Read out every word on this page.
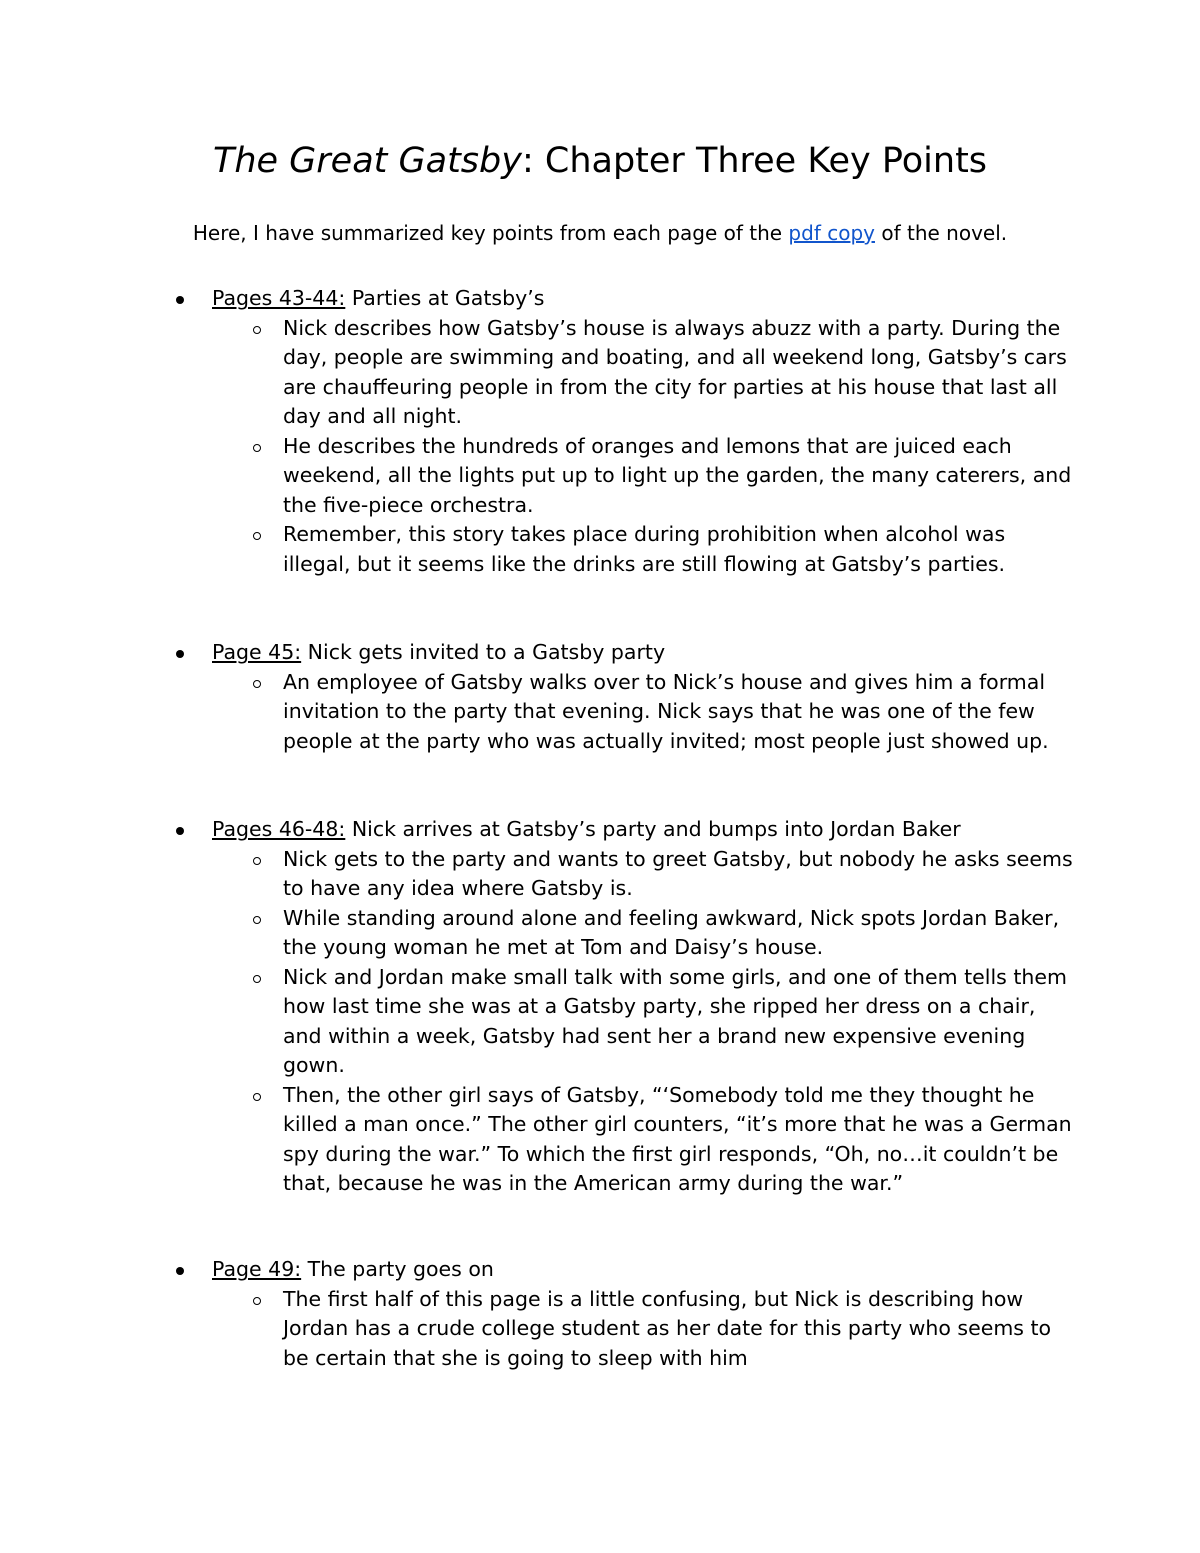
The Great Gatsby: Chapter Three Key Points
Here, I have summarized key points from each page of the pdf copy of the novel.
Pages 43-44: Parties at Gatsby’s
Nick describes how Gatsby’s house is always abuzz with a party. During the day, people are swimming and boating, and all weekend long, Gatsby’s cars are chauffeuring people in from the city for parties at his house that last all day and all night.
He describes the hundreds of oranges and lemons that are juiced each weekend, all the lights put up to light up the garden, the many caterers, and the five-piece orchestra.
Remember, this story takes place during prohibition when alcohol was illegal, but it seems like the drinks are still flowing at Gatsby’s parties.
Page 45: Nick gets invited to a Gatsby party
An employee of Gatsby walks over to Nick’s house and gives him a formal invitation to the party that evening. Nick says that he was one of the few people at the party who was actually invited; most people just showed up.
Pages 46-48: Nick arrives at Gatsby’s party and bumps into Jordan Baker
Nick gets to the party and wants to greet Gatsby, but nobody he asks seems to have any idea where Gatsby is.
While standing around alone and feeling awkward, Nick spots Jordan Baker, the young woman he met at Tom and Daisy’s house.
Nick and Jordan make small talk with some girls, and one of them tells them how last time she was at a Gatsby party, she ripped her dress on a chair, and within a week, Gatsby had sent her a brand new expensive evening gown.
Then, the other girl says of Gatsby, “‘Somebody told me they thought he killed a man once.” The other girl counters, “it’s more that he was a German spy during the war.” To which the first girl responds, “Oh, no…it couldn’t be that, because he was in the American army during the war.”
Page 49: The party goes on
The first half of this page is a little confusing, but Nick is describing how Jordan has a crude college student as her date for this party who seems to be certain that she is going to sleep with him
